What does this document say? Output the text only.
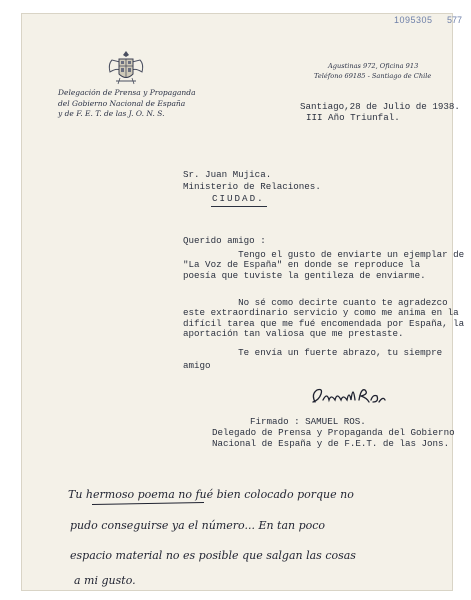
1095305 577
Delegación de Prensa y Propaganda
del Gobierno Nacional de España
y de F. E. T. de las J. O. N. S.
Agustinas 972, Oficina 913
Teléfono 69185 - Santiago de Chile
Santiago,28 de Julio de 1938.
III Año Triunfal.
Sr. Juan Mujica.
Ministerio de Relaciones.
CIUDAD.
Querido amigo :
Tengo el gusto de enviarte un ejemplar de
"La Voz de España" en donde se reproduce la
poesía que tuviste la gentileza de enviarme.
No sé como decirte cuanto te agradezco
este extraordinario servicio y como me anima en la
difícil tarea que me fué encomendada por España, la
aportación tan valiosa que me prestaste.
Te envía un fuerte abrazo, tu siempre
amigo
Firmado : SAMUEL ROS.
Delegado de Prensa y Propaganda del Gobierno
Nacional de España y de F.E.T. de las Jons.
Tu hermoso poema no fué bien colocado porque no
pudo conseguirse ya el número... En tan poco
espacio material no es posible que salgan las cosas
a mi gusto.
